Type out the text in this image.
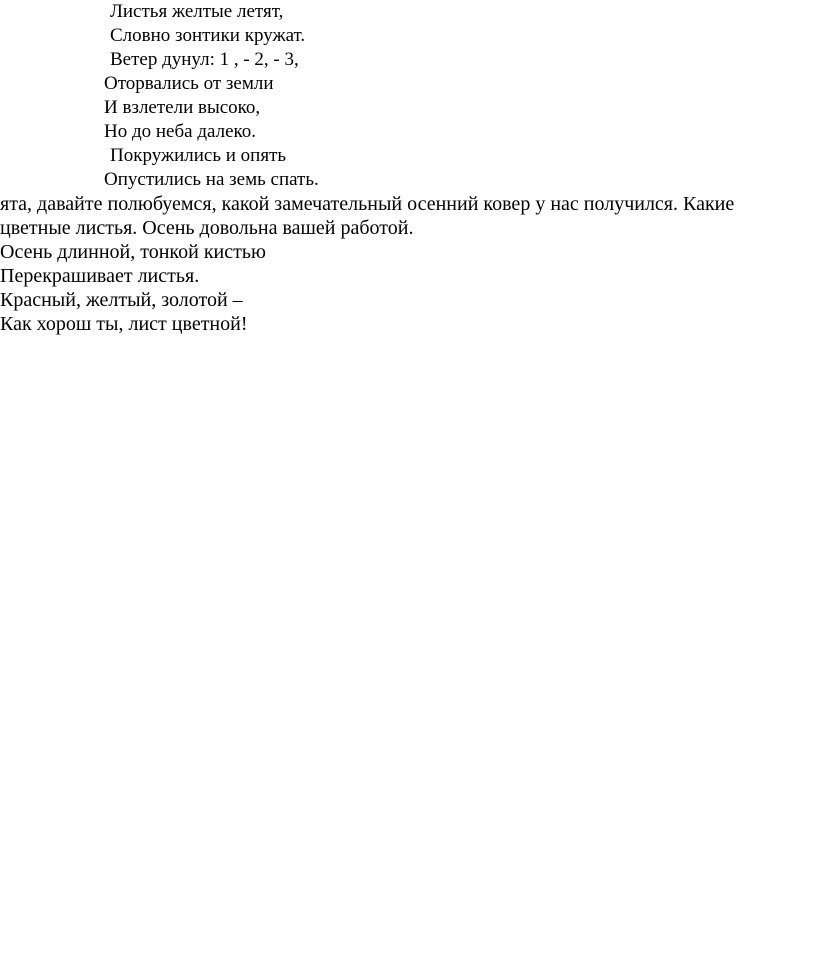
Листья желтые летят,
Словно зонтики кружат.
Ветер дунул: 1 , - 2, - 3,
Оторвались от земли
И взлетели высоко,
Но до неба далеко.
Покружились и опять
Опустились на земь спать.
ята, давайте полюбуемся, какой замечательный осенний ковер у нас получился. Какие
цветные листья. Осень довольна вашей работой.
Осень длинной, тонкой кистью
Перекрашивает листья.
Красный, желтый, золотой –
Как хорош ты, лист цветной!
